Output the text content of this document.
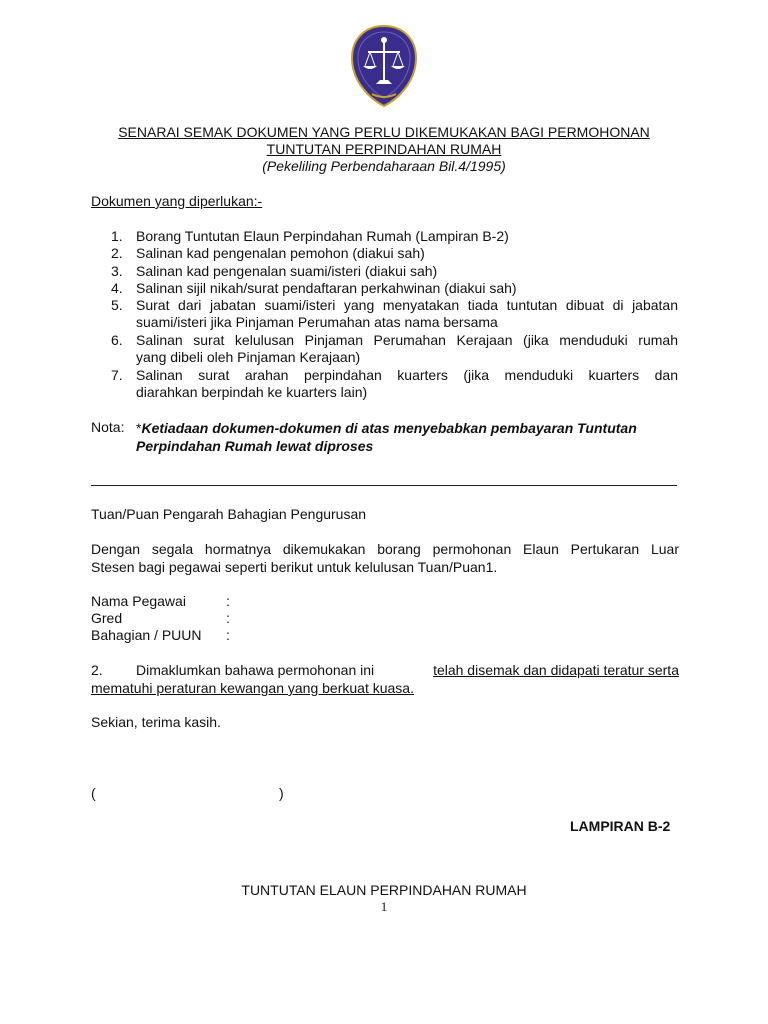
SENARAI SEMAK DOKUMEN YANG PERLU DIKEMUKAKAN BAGI PERMOHONAN
TUNTUTAN PERPINDAHAN RUMAH
(Pekeliling Perbendaharaan Bil.4/1995)
Dokumen yang diperlukan:-
1. Borang Tuntutan Elaun Perpindahan Rumah (Lampiran B-2)
2. Salinan kad pengenalan pemohon (diakui sah)
3. Salinan kad pengenalan suami/isteri (diakui sah)
4. Salinan sijil nikah/surat pendaftaran perkahwinan (diakui sah)
5. Surat dari jabatan suami/isteri yang menyatakan tiada tuntutan dibuat di jabatan
suami/isteri jika Pinjaman Perumahan atas nama bersama
6. Salinan surat kelulusan Pinjaman Perumahan Kerajaan (jika menduduki rumah
yang dibeli oleh Pinjaman Kerajaan)
7. Salinan surat arahan perpindahan kuarters (jika menduduki kuarters dan
diarahkan berpindah ke kuarters lain)
Nota: *Ketiadaan dokumen-dokumen di atas menyebabkan pembayaran Tuntutan
Perpindahan Rumah lewat diproses
Tuan/Puan Pengarah Bahagian Pengurusan
Dengan segala hormatnya dikemukakan borang permohonan Elaun Pertukaran Luar
Stesen bagi pegawai seperti berikut untuk kelulusan Tuan/Puan1.
Nama Pegawai	:
Gred	:
Bahagian / PUUN :
2. Dimaklumkan bahawa permohonan ini	telah disemak dan didapati teratur serta
mematuhi peraturan kewangan yang berkuat kuasa.
Sekian, terima kasih.
(	)
LAMPIRAN B-2
TUNTUTAN ELAUN PERPINDAHAN RUMAH
1
